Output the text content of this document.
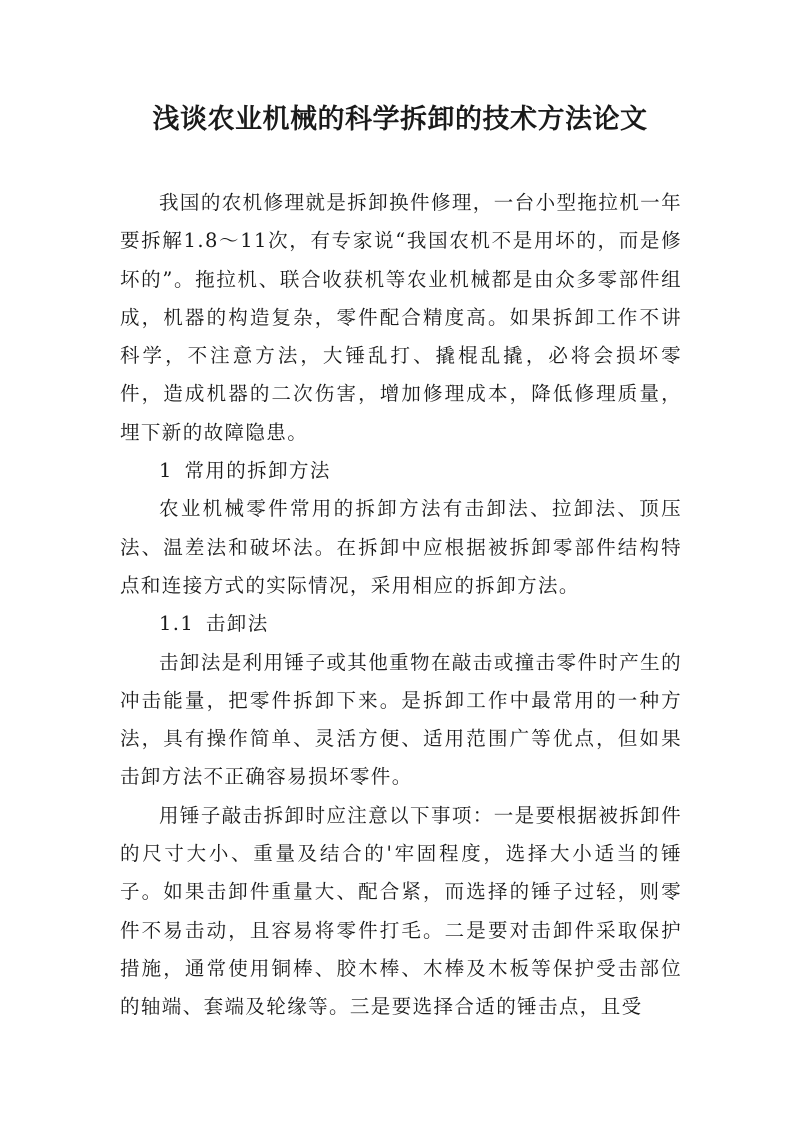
浅谈农业机械的科学拆卸的技术方法论文

我国的农机修理就是拆卸换件修理，一台小型拖拉机一年要拆解1.8～11次，有专家说“我国农机不是用坏的，而是修坏的”。拖拉机、联合收获机等农业机械都是由众多零部件组成，机器的构造复杂，零件配合精度高。如果拆卸工作不讲科学，不注意方法，大锤乱打、撬棍乱撬，必将会损坏零件，造成机器的二次伤害，增加修理成本，降低修理质量，埋下新的故障隐患。

1 常用的拆卸方法

农业机械零件常用的拆卸方法有击卸法、拉卸法、顶压法、温差法和破坏法。在拆卸中应根据被拆卸零部件结构特点和连接方式的实际情况，采用相应的拆卸方法。

1.1 击卸法

击卸法是利用锤子或其他重物在敲击或撞击零件时产生的冲击能量，把零件拆卸下来。是拆卸工作中最常用的一种方法，具有操作简单、灵活方便、适用范围广等优点，但如果击卸方法不正确容易损坏零件。

用锤子敲击拆卸时应注意以下事项：一是要根据被拆卸件的尺寸大小、重量及结合的'牢固程度，选择大小适当的锤子。如果击卸件重量大、配合紧，而选择的锤子过轻，则零件不易击动，且容易将零件打毛。二是要对击卸件采取保护措施，通常使用铜棒、胶木棒、木棒及木板等保护受击部位的轴端、套端及轮缘等。三是要选择合适的锤击点，且受
